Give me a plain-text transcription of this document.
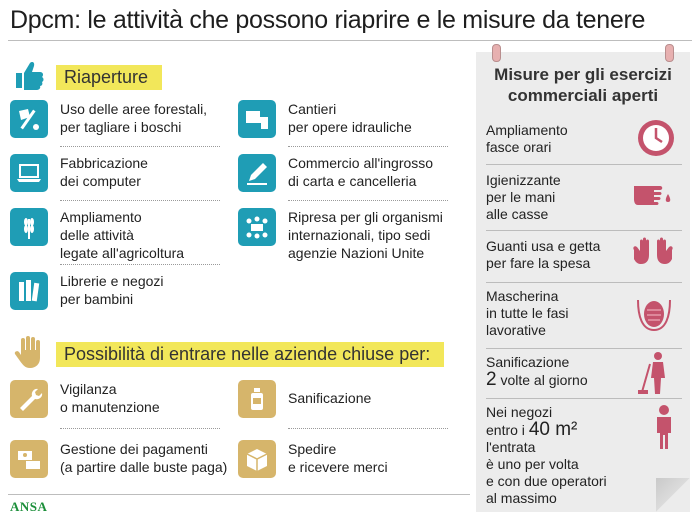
Dpcm: le attività che possono riaprire e le misure da tenere
Riaperture
Uso delle aree forestali,
per tagliare i boschi
Cantieri
per opere idrauliche
Fabbricazione
dei computer
Commercio all'ingrosso
di carta e cancelleria
Ampliamento
delle attività
legate all'agricoltura
Ripresa per gli organismi
internazionali, tipo sedi
agenzie Nazioni Unite
Librerie e negozi
per bambini
Possibilità di entrare nelle aziende chiuse per:
Vigilanza
o manutenzione
Sanificazione
Gestione dei pagamenti
(a partire dalle buste paga)
Spedire
e ricevere merci
ANSA
Misure per gli esercizi
commerciali aperti
Ampliamento
fasce orari
Igienizzante
per le mani
alle casse
Guanti usa e getta
per fare la spesa
Mascherina
in tutte le fasi
lavorative
Sanificazione
2 volte al giorno
Nei negozi
entro i 40 m²
l'entrata
è uno per volta
e con due operatori
al massimo
